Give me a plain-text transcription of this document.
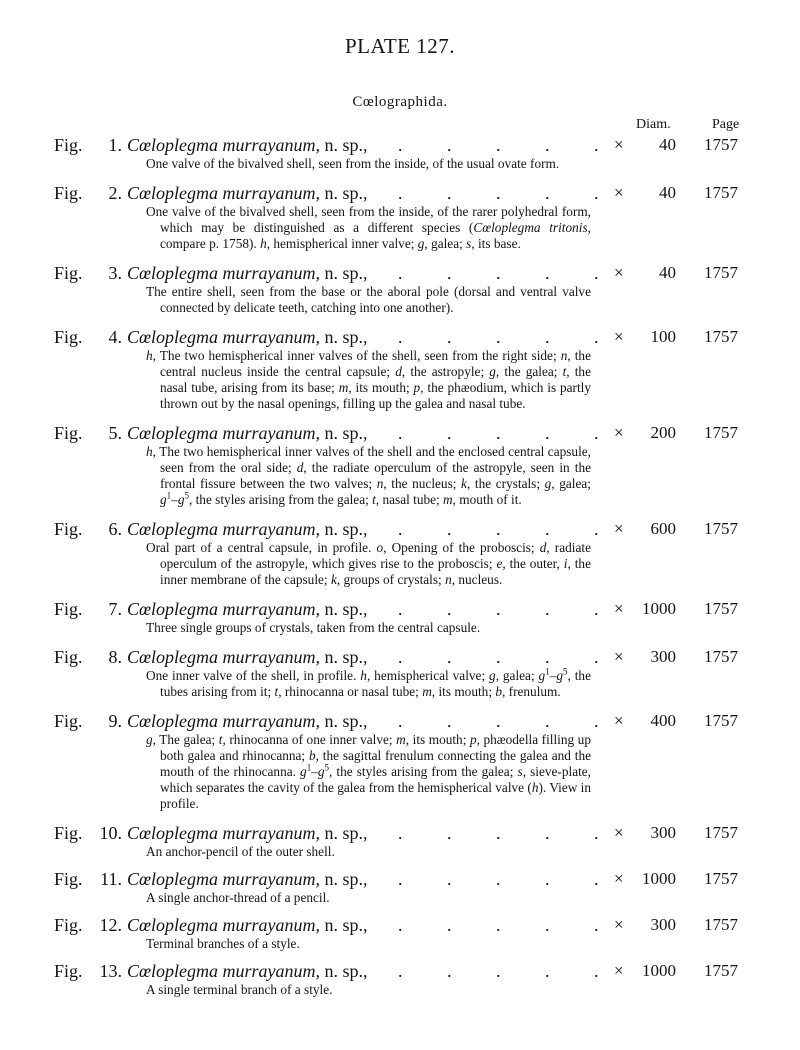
PLATE 127.
Cœlographida.
Diam.	Page
Fig. 1. Cœloplegma murrayanum, n. sp., . . . . . × 40 1757
One valve of the bivalved shell, seen from the inside, of the usual ovate form.
Fig. 2. Cœloplegma murrayanum, n. sp., . . . . . × 40 1757
One valve of the bivalved shell, seen from the inside, of the rarer polyhedral form, which may be distinguished as a different species (Cœloplegma tritonis, compare p. 1758). h, hemispherical inner valve; g, galea; s, its base.
Fig. 3. Cœloplegma murrayanum, n. sp., . . . . . × 40 1757
The entire shell, seen from the base or the aboral pole (dorsal and ventral valve connected by delicate teeth, catching into one another).
Fig. 4. Cœloplegma murrayanum, n. sp., . . . . . × 100 1757
h, The two hemispherical inner valves of the shell, seen from the right side; n, the central nucleus inside the central capsule; d, the astropyle; g, the galea; t, the nasal tube, arising from its base; m, its mouth; p, the phæodium, which is partly thrown out by the nasal openings, filling up the galea and nasal tube.
Fig. 5. Cœloplegma murrayanum, n. sp., . . . . . × 200 1757
h, The two hemispherical inner valves of the shell and the enclosed central capsule, seen from the oral side; d, the radiate operculum of the astropyle, seen in the frontal fissure between the two valves; n, the nucleus; k, the crystals; g, galea; $g^1-g^5$, the styles arising from the galea; t, nasal tube; m, mouth of it.
Fig. 6. Cœloplegma murrayanum, n. sp., . . . . . × 600 1757
Oral part of a central capsule, in profile. o, Opening of the proboscis; d, radiate operculum of the astropyle, which gives rise to the proboscis; e, the outer, i, the inner membrane of the capsule; k, groups of crystals; n, nucleus.
Fig. 7. Cœloplegma murrayanum, n. sp., . . . . . × 1000 1757
Three single groups of crystals, taken from the central capsule.
Fig. 8. Cœloplegma murrayanum, n. sp., . . . . . × 300 1757
One inner valve of the shell, in profile. h, hemispherical valve; g, galea; $g^1-g^5$, the tubes arising from it; t, rhinocanna or nasal tube; m, its mouth; b, frenulum.
Fig. 9. Cœloplegma murrayanum, n. sp., . . . . . × 400 1757
g, The galea; t, rhinocanna of one inner valve; m, its mouth; p, phæodella filling up both galea and rhinocanna; b, the sagittal frenulum connecting the galea and the mouth of the rhinocanna. $g^1-g^5$, the styles arising from the galea; s, sieve-plate, which separates the cavity of the galea from the hemispherical valve (h). View in profile.
Fig. 10. Cœloplegma murrayanum, n. sp., . . . . . × 300 1757
An anchor-pencil of the outer shell.
Fig. 11. Cœloplegma murrayanum, n. sp., . . . . . × 1000 1757
A single anchor-thread of a pencil.
Fig. 12. Cœloplegma murrayanum, n. sp., . . . . . × 300 1757
Terminal branches of a style.
Fig. 13. Cœloplegma murrayanum, n. sp., . . . . . × 1000 1757
A single terminal branch of a style.
